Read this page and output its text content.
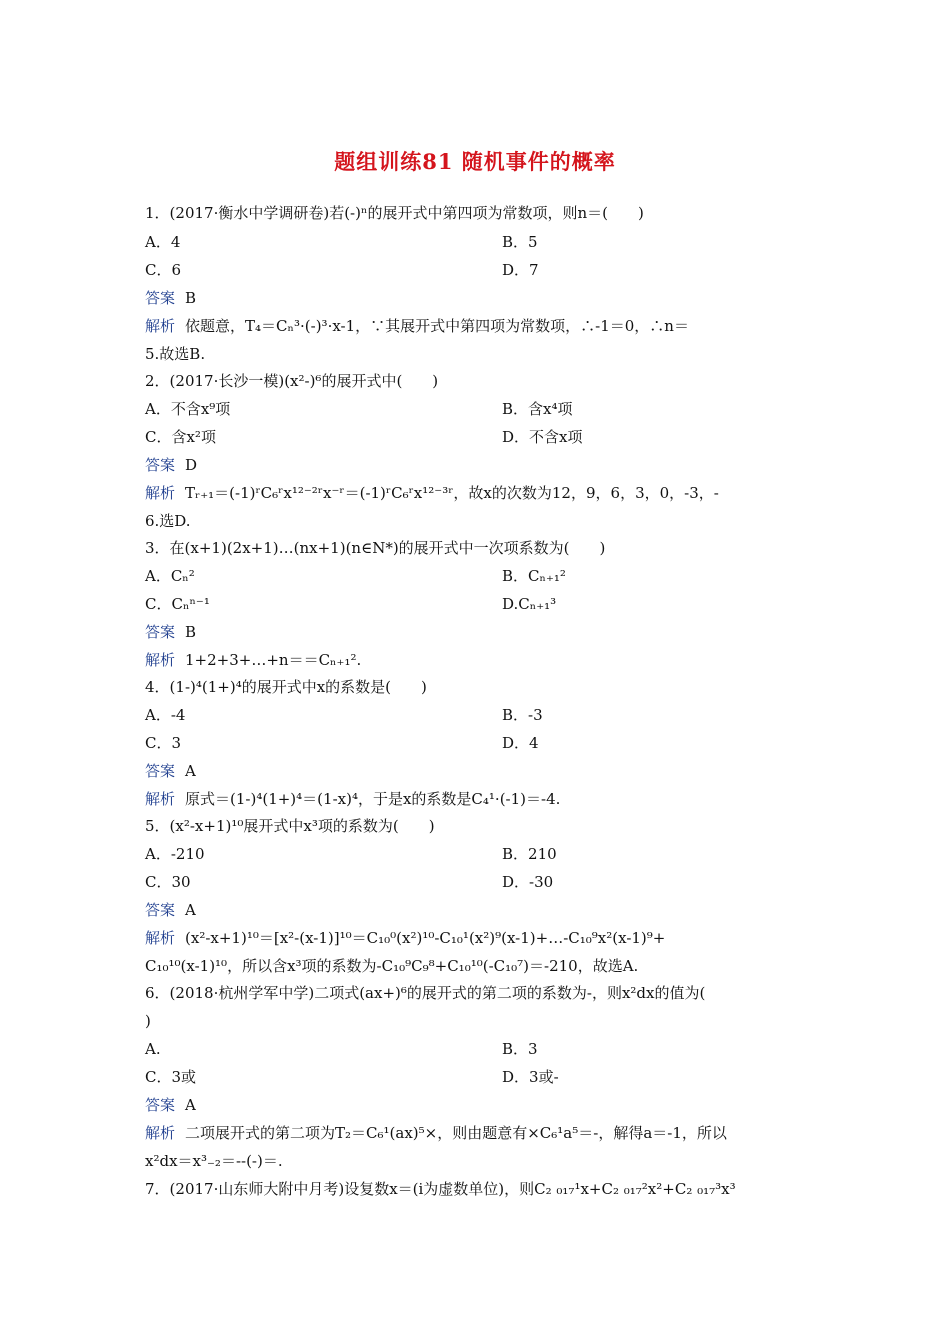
题组训练81 随机事件的概率
1．(2017·衡水中学调研卷)若(-)ⁿ的展开式中第四项为常数项，则n＝(　　)
A．4	B．5
C．6	D．7
答案 B
解析 依题意，T₄＝Cₙ³·(-)³·x-1，∵其展开式中第四项为常数项，∴-1＝0，∴n＝
5.故选B.
2．(2017·长沙一模)(x²-)⁶的展开式中(　　)
A．不含x⁹项	B．含x⁴项
C．含x²项	D．不含x项
答案 D
解析 Tᵣ₊₁＝(-1)ʳC₆ʳx¹²⁻²ʳx⁻ʳ＝(-1)ʳC₆ʳx¹²⁻³ʳ，故x的次数为12，9，6，3，0，-3，-
6.选D.
3．在(x+1)(2x+1)…(nx+1)(n∈N*)的展开式中一次项系数为(　　)
A．Cₙ²	B．Cₙ₊₁²
C．Cₙⁿ⁻¹	D.Cₙ₊₁³
答案 B
解析 1+2+3+…+n＝＝Cₙ₊₁².
4．(1-)⁴(1+)⁴的展开式中x的系数是(　　)
A．-4	B．-3
C．3	D．4
答案 A
解析 原式＝(1-)⁴(1+)⁴＝(1-x)⁴，于是x的系数是C₄¹·(-1)＝-4.
5．(x²-x+1)¹⁰展开式中x³项的系数为(　　)
A．-210	B．210
C．30	D．-30
答案 A
解析 (x²-x+1)¹⁰＝[x²-(x-1)]¹⁰＝C₁₀⁰(x²)¹⁰-C₁₀¹(x²)⁹(x-1)+…-C₁₀⁹x²(x-1)⁹+
C₁₀¹⁰(x-1)¹⁰，所以含x³项的系数为-C₁₀⁹C₉⁸+C₁₀¹⁰(-C₁₀⁷)＝-210，故选A.
6．(2018·杭州学军中学)二项式(ax+)⁶的展开式的第二项的系数为-，则x²dx的值为(
)
A.	B．3
C．3或	D．3或-
答案 A
解析 二项展开式的第二项为T₂＝C₆¹(ax)⁵×，则由题意有×C₆¹a⁵＝-，解得a＝-1，所以
x²dx＝x³₋₂＝--(-)＝.
7．(2017·山东师大附中月考)设复数x＝(i为虚数单位)，则C₂ ₀₁₇¹x+C₂ ₀₁₇²x²+C₂ ₀₁₇³x³
